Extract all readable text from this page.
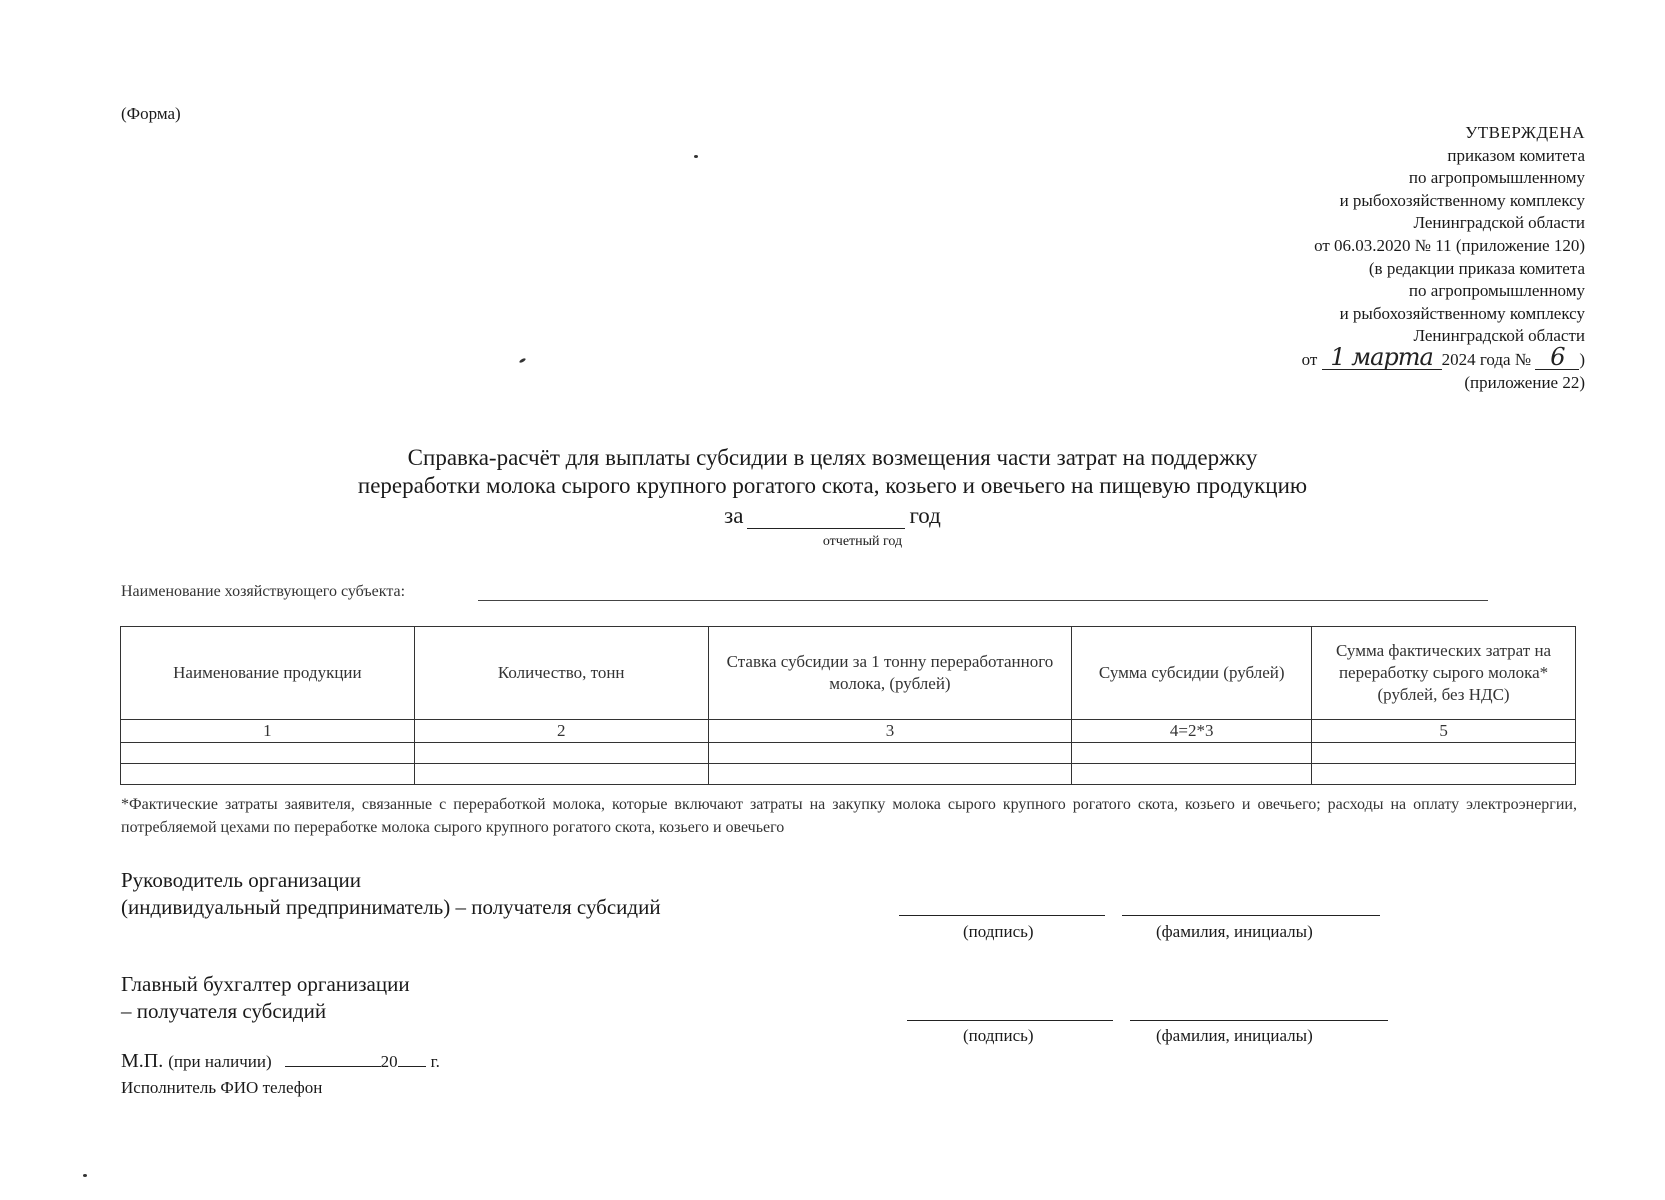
(Форма)
УТВЕРЖДЕНА
приказом комитета
по агропромышленному
и рыбохозяйственному комплексу
Ленинградской области
от 06.03.2020 № 11 (приложение 120)
(в редакции приказа комитета
по агропромышленному
и рыбохозяйственному комплексу
Ленинградской области
от 1 марта 2024 года № 6 )
(приложение 22)
Справка-расчёт для выплаты субсидии в целях возмещения части затрат на поддержку
переработки молока сырого крупного рогатого скота, козьего и овечьего на пищевую продукцию
за	год
отчетный год
Наименование хозяйствующего субъекта:
Наименование продукции	Количество, тонн	Ставка субсидии за 1 тонну переработанного молока, (рублей)	Сумма субсидии (рублей)	Сумма фактических затрат на переработку сырого молока* (рублей, без НДС)
1	2	3	4=2*3	5

*Фактические затраты заявителя, связанные с переработкой молока, которые включают затраты на закупку молока сырого крупного рогатого скота, козьего и овечьего; расходы на оплату электроэнергии, потребляемой цехами по переработке молока сырого крупного рогатого скота, козьего и овечьего
Руководитель организации
(индивидуальный предприниматель) – получателя субсидий
(подпись)	(фамилия, инициалы)
Главный бухгалтер организации
– получателя субсидий
(подпись)	(фамилия, инициалы)
М.П. (при наличии)	20 г.
Исполнитель ФИО телефон
